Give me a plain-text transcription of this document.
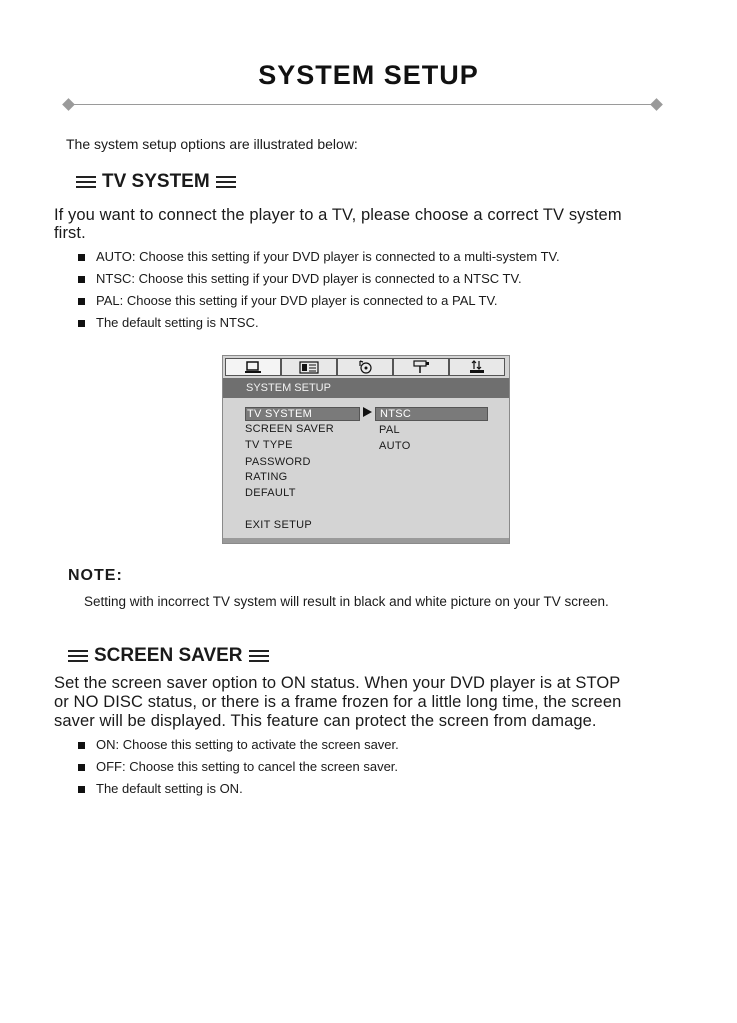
SYSTEM SETUP
The system setup options are illustrated below:
TV SYSTEM
If you want to connect the player to a TV, please choose a correct TV system
first.
AUTO: Choose this setting if your DVD player is connected to a multi-system TV.
NTSC: Choose this setting if your DVD player is connected to a NTSC TV.
PAL: Choose this setting if your DVD player is connected to a PAL TV.
The default setting is NTSC.
SYSTEM SETUP
TV SYSTEM
SCREEN SAVER
TV TYPE
PASSWORD
RATING
DEFAULT
EXIT SETUP
NTSC
PAL
AUTO
NOTE:
Setting with incorrect TV system will result in black and white picture on your TV screen.
SCREEN SAVER
Set the screen saver option to ON status. When your DVD player is at STOP
or NO DISC status, or there is a frame frozen for a little long time, the screen
saver will be displayed. This feature can protect the screen from damage.
ON: Choose this setting to activate the screen saver.
OFF: Choose this setting to cancel the screen saver.
The default setting is ON.
